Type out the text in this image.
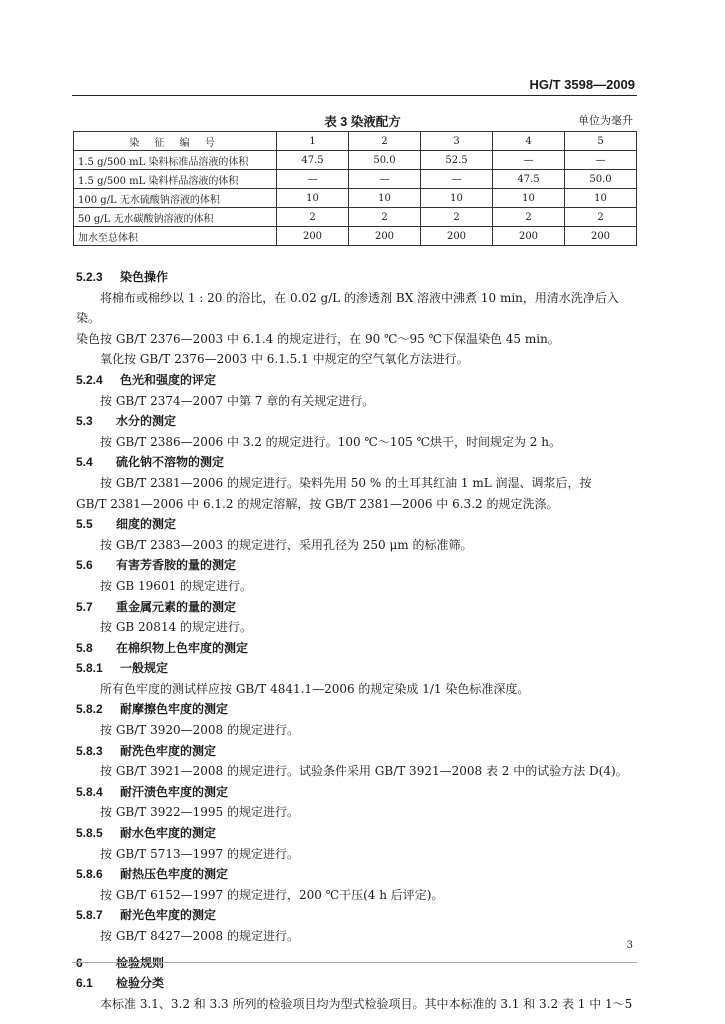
HG/T 3598—2009
表 3 染液配方	单位为毫升
染 征 编 号	1	2	3	4	5
1.5 g/500 mL 染料标准品溶液的体积	47.5	50.0	52.5	—	—
1.5 g/500 mL 染料样品溶液的体积	—	—	—	47.5	50.0
100 g/L 无水硫酸钠溶液的体积	10	10	10	10	10
50 g/L 无水碳酸钠溶液的体积	2	2	2	2	2
加水至总体积	200	200	200	200	200

5.2.3 染色操作

将棉布或棉纱以 1 : 20 的浴比，在 0.02 g/L 的渗透剂 BX 溶液中沸煮 10 min，用清水洗净后入染。

染色按 GB/T 2376—2003 中 6.1.4 的规定进行，在 90 ℃～95 ℃下保温染色 45 min。

氧化按 GB/T 2376—2003 中 6.1.5.1 中规定的空气氧化方法进行。

5.2.4 色光和强度的评定

按 GB/T 2374—2007 中第 7 章的有关规定进行。

5.3 水分的测定

按 GB/T 2386—2006 中 3.2 的规定进行。100 ℃～105 ℃烘干，时间规定为 2 h。

5.4 硫化钠不溶物的测定

按 GB/T 2381—2006 的规定进行。染料先用 50 % 的土耳其红油 1 mL 润湿、调浆后，按

GB/T 2381—2006 中 6.1.2 的规定溶解，按 GB/T 2381—2006 中 6.3.2 的规定洗涤。

5.5 细度的测定

按 GB/T 2383—2003 的规定进行，采用孔径为 250 μm 的标准筛。

5.6 有害芳香胺的量的测定

按 GB 19601 的规定进行。

5.7 重金属元素的量的测定

按 GB 20814 的规定进行。

5.8 在棉织物上色牢度的测定

5.8.1 一般规定

所有色牢度的测试样应按 GB/T 4841.1—2006 的规定染成 1/1 染色标准深度。

5.8.2 耐摩擦色牢度的测定

按 GB/T 3920—2008 的规定进行。

5.8.3 耐洗色牢度的测定

按 GB/T 3921—2008 的规定进行。试验条件采用 GB/T 3921—2008 表 2 中的试验方法 D(4)。

5.8.4 耐汗渍色牢度的测定

按 GB/T 3922—1995 的规定进行。

5.8.5 耐水色牢度的测定

按 GB/T 5713—1997 的规定进行。

5.8.6 耐热压色牢度的测定

按 GB/T 6152—1997 的规定进行，200 ℃干压(4 h 后评定)。

5.8.7 耐光色牢度的测定

按 GB/T 8427—2008 的规定进行。

6	检验规则

6.1 检验分类

本标准 3.1、3.2 和 3.3 所列的检验项目均为型式检验项目。其中本标准的 3.1 和 3.2 表 1 中 1～5

3
